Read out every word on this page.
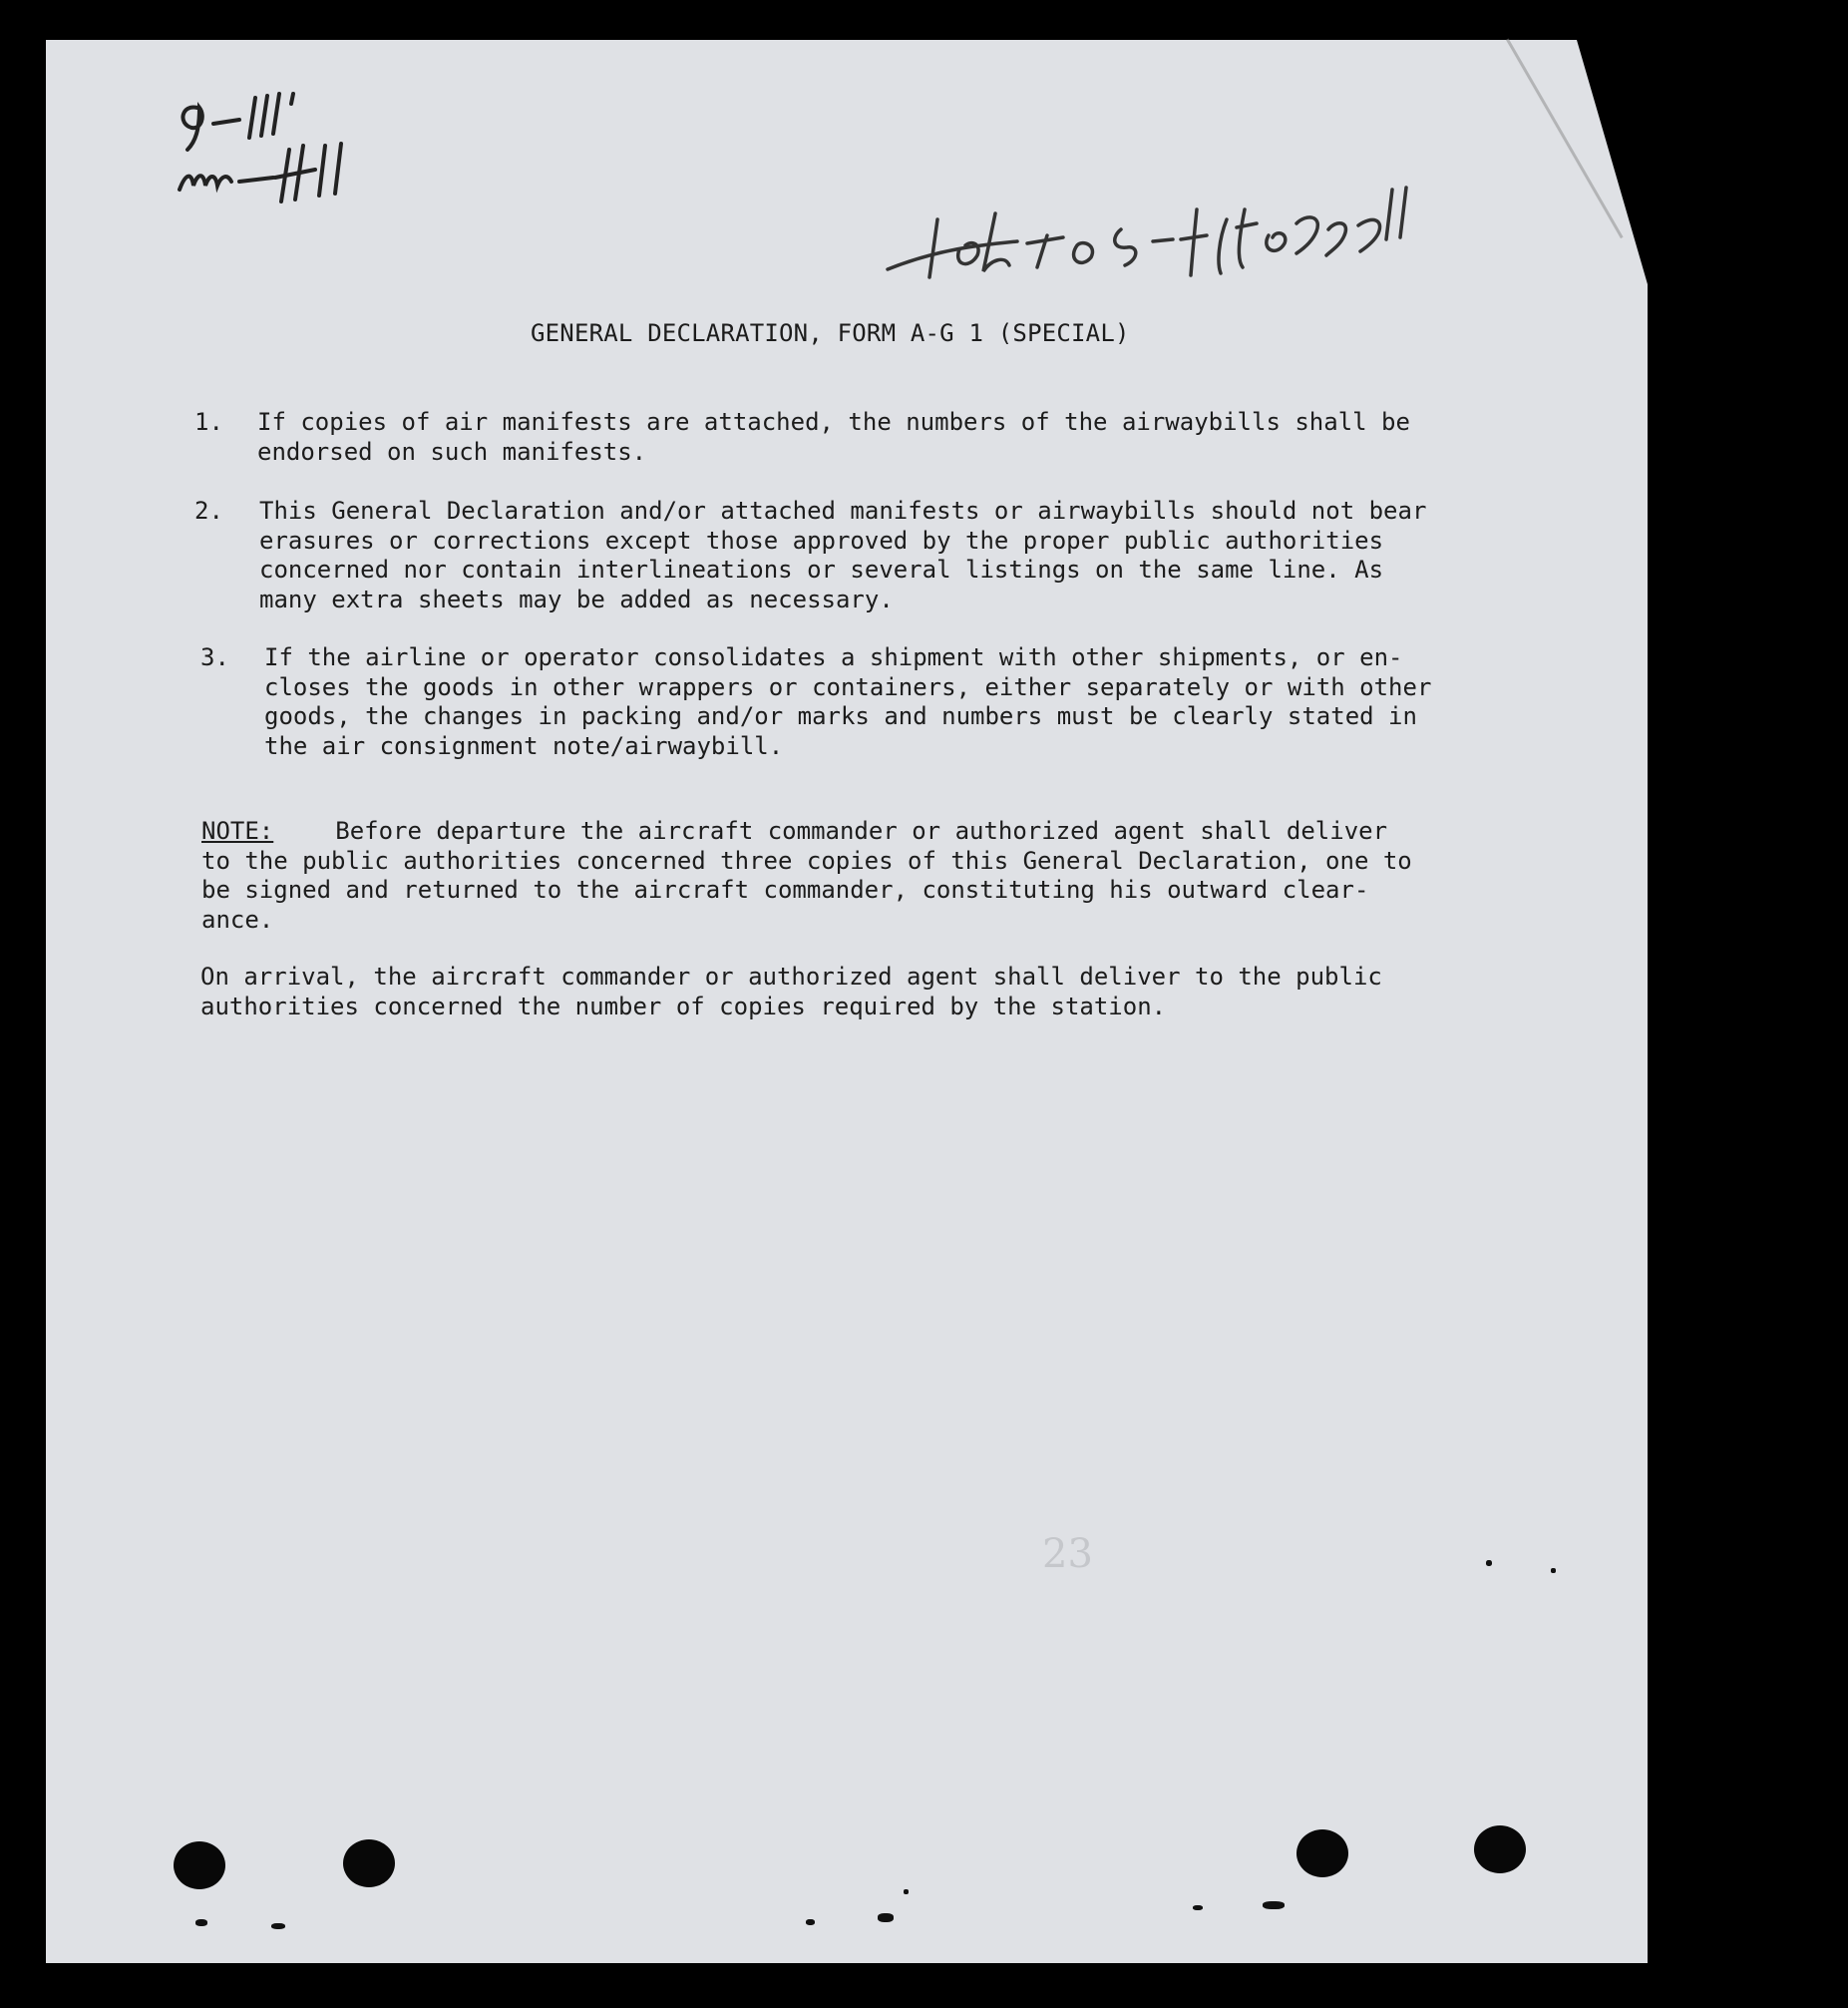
GENERAL DECLARATION, FORM A-G 1 (SPECIAL)
1. If copies of air manifests are attached, the numbers of the airwaybills shall be
endorsed on such manifests.
2. This General Declaration and/or attached manifests or airwaybills should not bear
erasures or corrections except those approved by the proper public authorities
concerned nor contain interlineations or several listings on the same line. As
many extra sheets may be added as necessary.
3. If the airline or operator consolidates a shipment with other shipments, or en-
closes the goods in other wrappers or containers, either separately or with other
goods, the changes in packing and/or marks and numbers must be clearly stated in
the air consignment note/airwaybill.
NOTE:	Before departure the aircraft commander or authorized agent shall deliver
to the public authorities concerned three copies of this General Declaration, one to
be signed and returned to the aircraft commander, constituting his outward clear-
ance.
On arrival, the aircraft commander or authorized agent shall deliver to the public
authorities concerned the number of copies required by the station.
23
